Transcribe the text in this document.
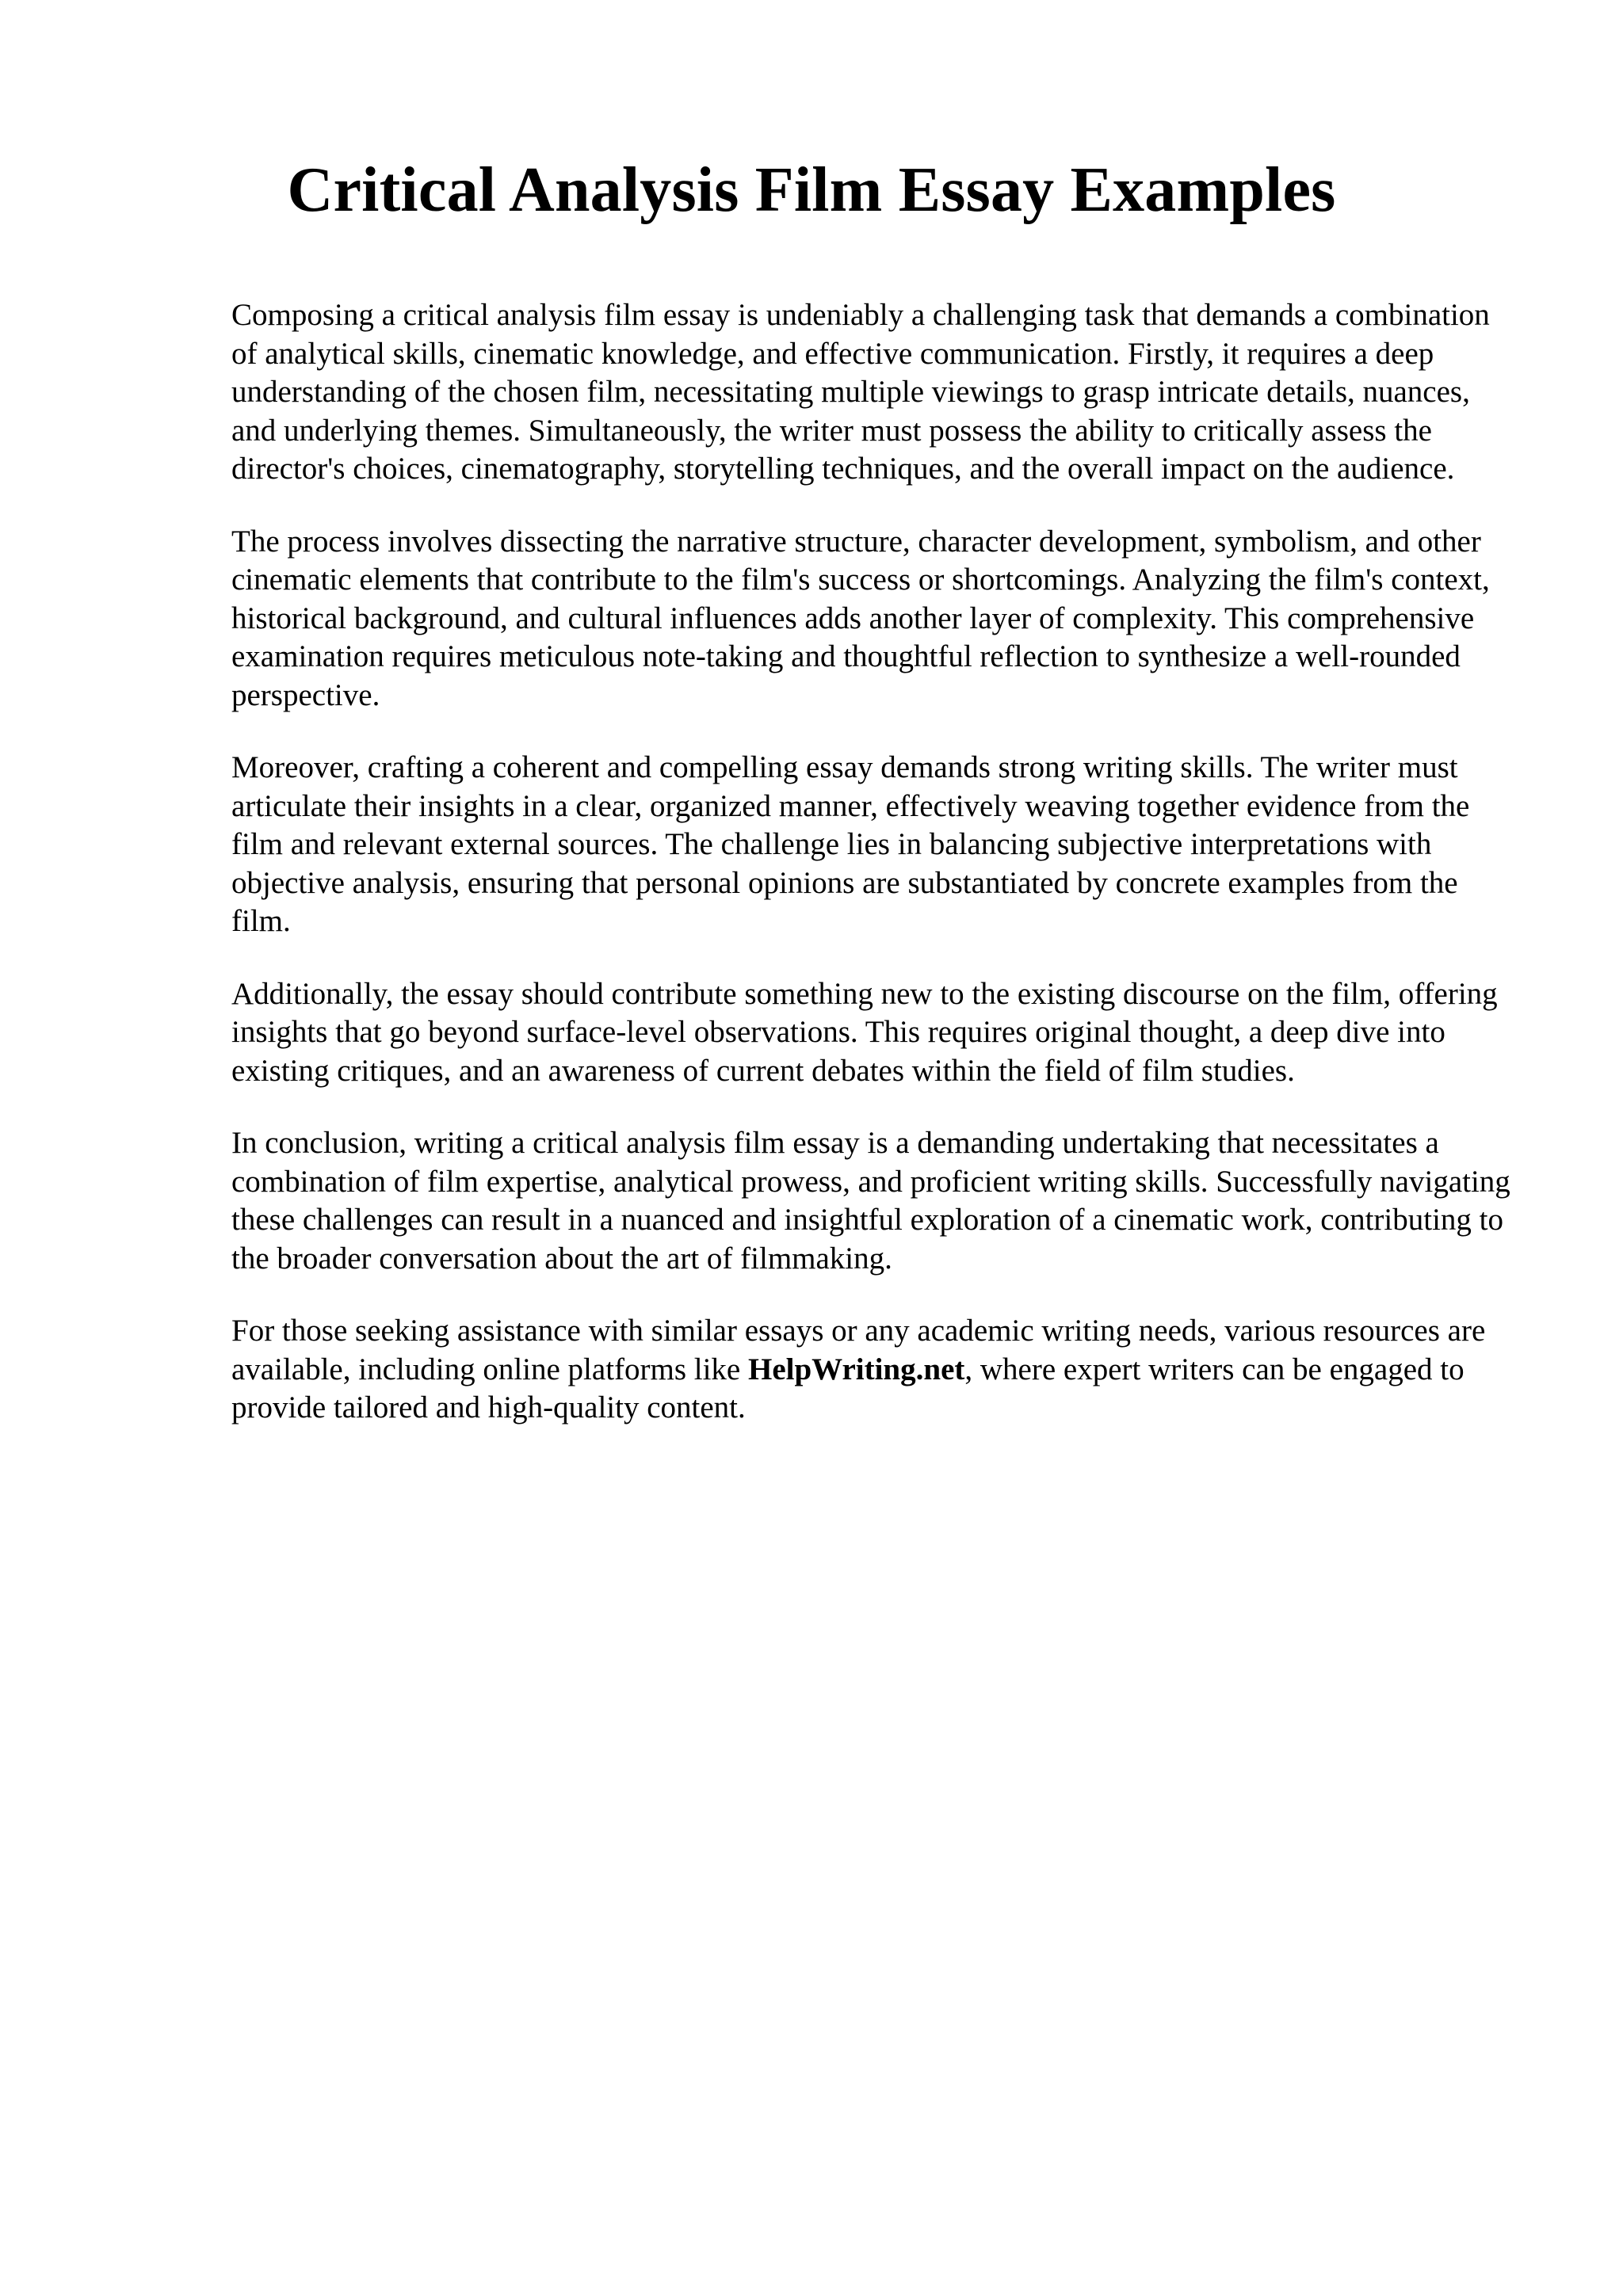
Critical Analysis Film Essay Examples

Composing a critical analysis film essay is undeniably a challenging task that demands a combination of analytical skills, cinematic knowledge, and effective communication. Firstly, it requires a deep understanding of the chosen film, necessitating multiple viewings to grasp intricate details, nuances, and underlying themes. Simultaneously, the writer must possess the ability to critically assess the director's choices, cinematography, storytelling techniques, and the overall impact on the audience.

The process involves dissecting the narrative structure, character development, symbolism, and other cinematic elements that contribute to the film's success or shortcomings. Analyzing the film's context, historical background, and cultural influences adds another layer of complexity. This comprehensive examination requires meticulous note-taking and thoughtful reflection to synthesize a well-rounded perspective.

Moreover, crafting a coherent and compelling essay demands strong writing skills. The writer must articulate their insights in a clear, organized manner, effectively weaving together evidence from the film and relevant external sources. The challenge lies in balancing subjective interpretations with objective analysis, ensuring that personal opinions are substantiated by concrete examples from the film.

Additionally, the essay should contribute something new to the existing discourse on the film, offering insights that go beyond surface-level observations. This requires original thought, a deep dive into existing critiques, and an awareness of current debates within the field of film studies.

In conclusion, writing a critical analysis film essay is a demanding undertaking that necessitates a combination of film expertise, analytical prowess, and proficient writing skills. Successfully navigating these challenges can result in a nuanced and insightful exploration of a cinematic work, contributing to the broader conversation about the art of filmmaking.

For those seeking assistance with similar essays or any academic writing needs, various resources are available, including online platforms like HelpWriting.net, where expert writers can be engaged to provide tailored and high-quality content.
